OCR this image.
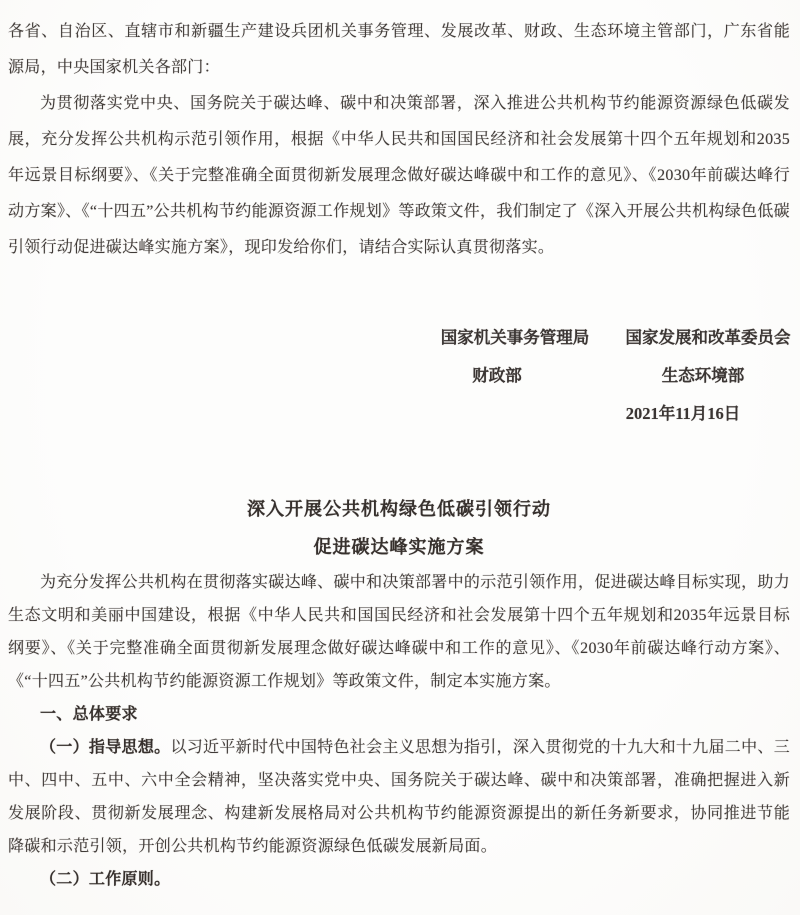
各省、自治区、直辖市和新疆生产建设兵团机关事务管理、发展改革、财政、生态环境主管部门，广东省能源局，中央国家机关各部门：

为贯彻落实党中央、国务院关于碳达峰、碳中和决策部署，深入推进公共机构节约能源资源绿色低碳发展，充分发挥公共机构示范引领作用，根据《中华人民共和国国民经济和社会发展第十四个五年规划和2035年远景目标纲要》、《关于完整准确全面贯彻新发展理念做好碳达峰碳中和工作的意见》、《2030年前碳达峰行动方案》、《“十四五”公共机构节约能源资源工作规划》等政策文件，我们制定了《深入开展公共机构绿色低碳引领行动促进碳达峰实施方案》，现印发给你们，请结合实际认真贯彻落实。

国家机关事务管理局	国家发展和改革委员会
财政部	生态环境部
2021年11月16日
深入开展公共机构绿色低碳引领行动
促进碳达峰实施方案

为充分发挥公共机构在贯彻落实碳达峰、碳中和决策部署中的示范引领作用，促进碳达峰目标实现，助力生态文明和美丽中国建设，根据《中华人民共和国国民经济和社会发展第十四个五年规划和2035年远景目标纲要》、《关于完整准确全面贯彻新发展理念做好碳达峰碳中和工作的意见》、《2030年前碳达峰行动方案》、《“十四五”公共机构节约能源资源工作规划》等政策文件，制定本实施方案。

一、总体要求

（一）指导思想。以习近平新时代中国特色社会主义思想为指引，深入贯彻党的十九大和十九届二中、三中、四中、五中、六中全会精神，坚决落实党中央、国务院关于碳达峰、碳中和决策部署，准确把握进入新发展阶段、贯彻新发展理念、构建新发展格局对公共机构节约能源资源提出的新任务新要求，协同推进节能降碳和示范引领，开创公共机构节约能源资源绿色低碳发展新局面。

（二）工作原则。
